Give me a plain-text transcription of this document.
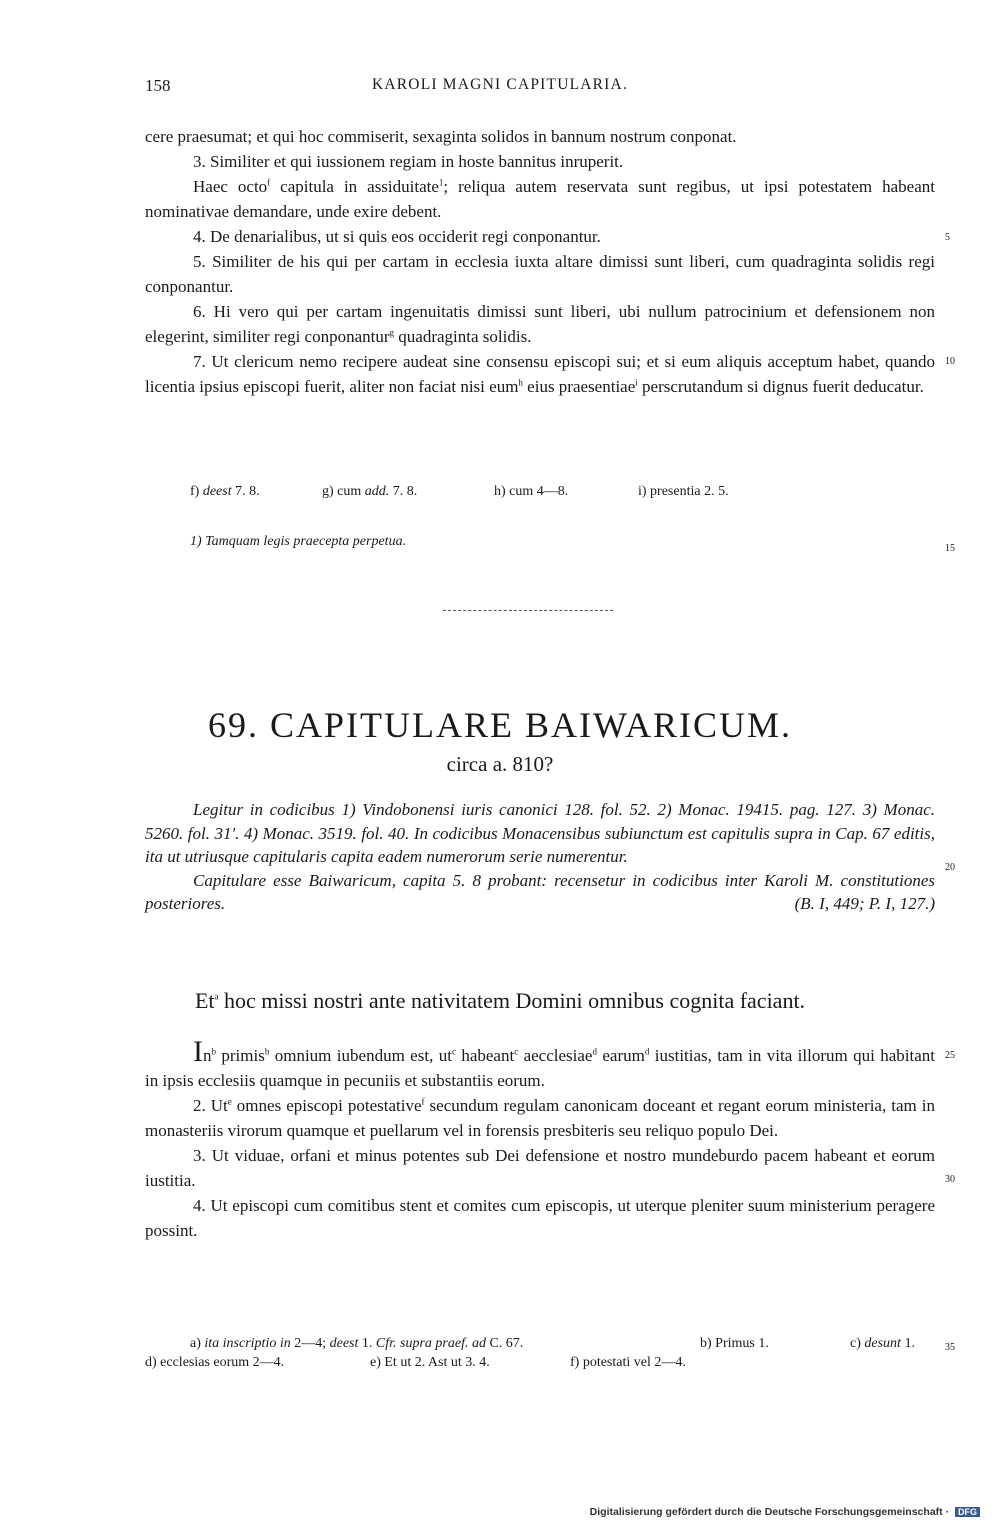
158	KAROLI MAGNI CAPITULARIA.

cere praesumat; et qui hoc commiserit, sexaginta solidos in bannum nostrum conponat.

3. Similiter et qui iussionem regiam in hoste bannitus inruperit.

Haec octo$^f$ capitula in assiduitate$^1$; reliqua autem reservata sunt regibus, ut ipsi potestatem habeant nominativae demandare, unde exire debent.

4. De denarialibus, ut si quis eos occiderit regi conponantur.

5. Similiter de his qui per cartam in ecclesia iuxta altare dimissi sunt liberi, cum quadraginta solidis regi conponantur.

6. Hi vero qui per cartam ingenuitatis dimissi sunt liberi, ubi nullum patrocinium et defensionem non elegerint, similiter regi conponantur$^g$ quadraginta solidis.

7. Ut clericum nemo recipere audeat sine consensu episcopi sui; et si eum aliquis acceptum habet, quando licentia ipsius episcopi fuerit, aliter non faciat nisi eum$^h$ eius praesentiae$^i$ perscrutandum si dignus fuerit deducatur.

5
10
15
20
25
30
35
f) deest 7. 8.	g) cum add. 7. 8.	h) cum 4—8.	i) presentia 2. 5.
1) Tamquam legis praecepta perpetua.
69. CAPITULARE BAIWARICUM.
circa a. 810?

Legitur in codicibus 1) Vindobonensi iuris canonici 128. fol. 52. 2) Monac. 19415. pag. 127. 3) Monac. 5260. fol. 31'. 4) Monac. 3519. fol. 40. In codicibus Monacensibus subiunctum est capitulis supra in Cap. 67 editis, ita ut utriusque capitularis capita eadem numerorum serie numerentur.

Capitulare esse Baiwaricum, capita 5. 8 probant: recensetur in codicibus inter Karoli M. constitutiones posteriores.	(B. I, 449; P. I, 127.)

Et$^a$ hoc missi nostri ante nativitatem Domini omnibus cognita faciant.

In$^b$ primis$^b$ omnium iubendum est, $ut^c$ habeant$^c$ aecclesiae$^d$ earum$^d$ iustitias, tam in vita illorum qui habitant in ipsis ecclesiis quamque in pecuniis et substantiis eorum.

2. Ut$^e$ omnes episcopi potestative$^f$ secundum regulam canonicam doceant et regant eorum ministeria, tam in monasteriis virorum quamque et puellarum vel in forensis presbiteris seu reliquo populo Dei.

3. Ut viduae, orfani et minus potentes sub Dei defensione et nostro mundeburdo pacem habeant et eorum iustitia.

4. Ut episcopi cum comitibus stent et comites cum episcopis, ut uterque pleniter suum ministerium peragere possint.

a) ita inscriptio in 2—4; deest 1. Cfr. supra praef. ad C. 67.	b) Primus 1.	c) desunt 1.
d) ecclesias eorum 2—4.	e) Et ut 2. Ast ut 3. 4.	f) potestati vel 2—4.
Digitalisierung gefördert durch die Deutsche Forschungsgemeinschaft · DFG
